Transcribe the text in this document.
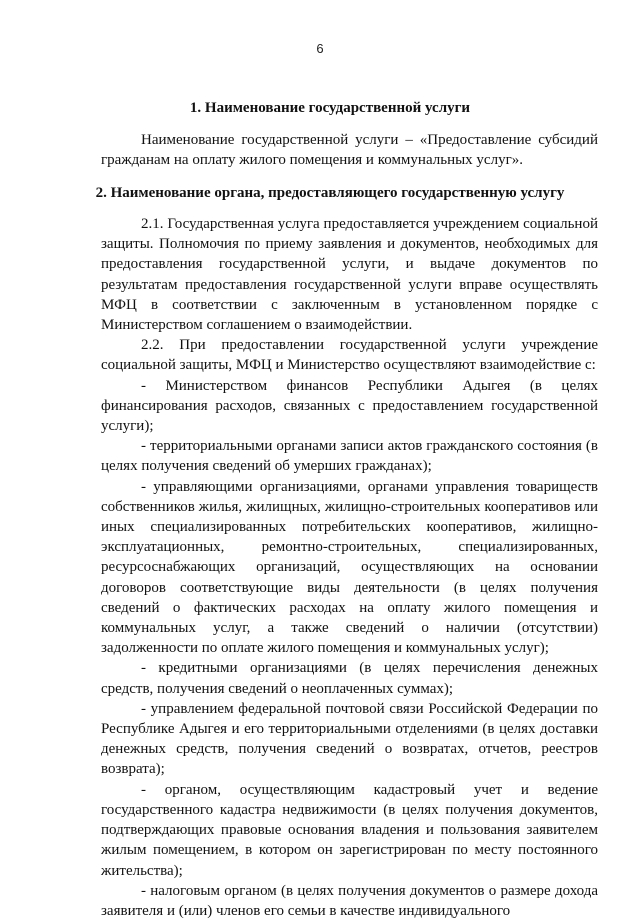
6
1. Наименование государственной услуги

Наименование государственной услуги – «Предоставление субсидий гражданам на оплату жилого помещения и коммунальных услуг».

2. Наименование органа, предоставляющего государственную услугу

2.1. Государственная услуга предоставляется учреждением социальной защиты. Полномочия по приему заявления и документов, необходимых для предоставления государственной услуги, и выдаче документов по результатам предоставления государственной услуги вправе осуществлять МФЦ в соответствии с заключенным в установленном порядке с Министерством соглашением о взаимодействии.

2.2. При предоставлении государственной услуги учреждение социальной защиты, МФЦ и Министерство осуществляют взаимодействие с:

- Министерством финансов Республики Адыгея (в целях финансирования расходов, связанных с предоставлением государственной услуги);

- территориальными органами записи актов гражданского состояния (в целях получения сведений об умерших гражданах);

- управляющими организациями, органами управления товариществ собственников жилья, жилищных, жилищно-строительных кооперативов или иных специализированных потребительских кооперативов, жилищно-эксплуатационных, ремонтно-строительных, специализированных, ресурсоснабжающих организаций, осуществляющих на основании договоров соответствующие виды деятельности (в целях получения сведений о фактических расходах на оплату жилого помещения и коммунальных услуг, а также сведений о наличии (отсутствии) задолженности по оплате жилого помещения и коммунальных услуг);

- кредитными организациями (в целях перечисления денежных средств, получения сведений о неоплаченных суммах);

- управлением федеральной почтовой связи Российской Федерации по Республике Адыгея и его территориальными отделениями (в целях доставки денежных средств, получения сведений о возвратах, отчетов, реестров возврата);

- органом, осуществляющим кадастровый учет и ведение государственного кадастра недвижимости (в целях получения документов, подтверждающих правовые основания владения и пользования заявителем жилым помещением, в котором он зарегистрирован по месту постоянного жительства);

- налоговым органом (в целях получения документов о размере дохода заявителя и (или) членов его семьи в качестве индивидуального
